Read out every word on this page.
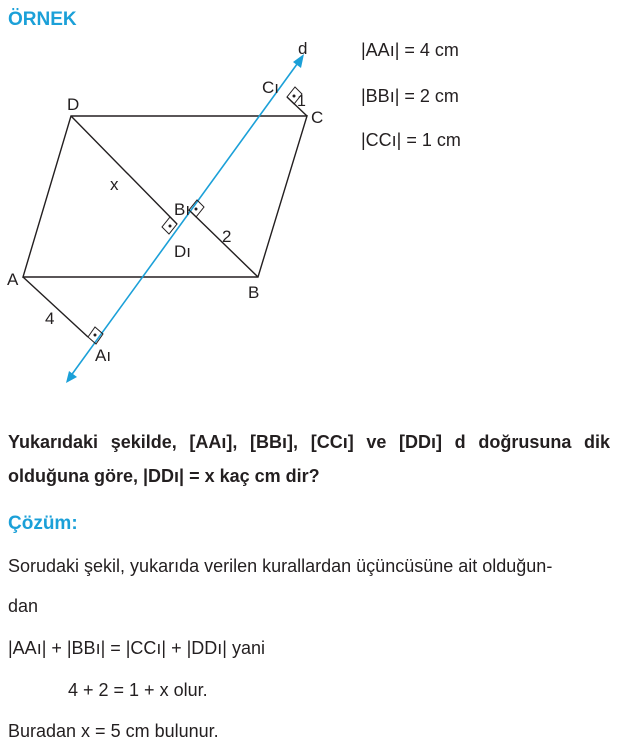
ÖRNEK
A
B
C
D
Aı
Bı
Cı
Dı
d
4
2
1
x
|AAı| = 4 cm
|BBı| = 2 cm
|CCı| = 1 cm
Yukarıdaki şekilde, [AAı], [BBı], [CCı] ve [DDı] d doğrusuna dik olduğuna göre, |DDı| = x kaç cm dir?
Çözüm:
Sorudaki şekil, yukarıda verilen kurallardan üçüncüsüne ait olduğun-
dan
|AAı| + |BBı| = |CCı| + |DDı| yani
4 + 2 = 1 + x olur.
Buradan x = 5 cm bulunur.
